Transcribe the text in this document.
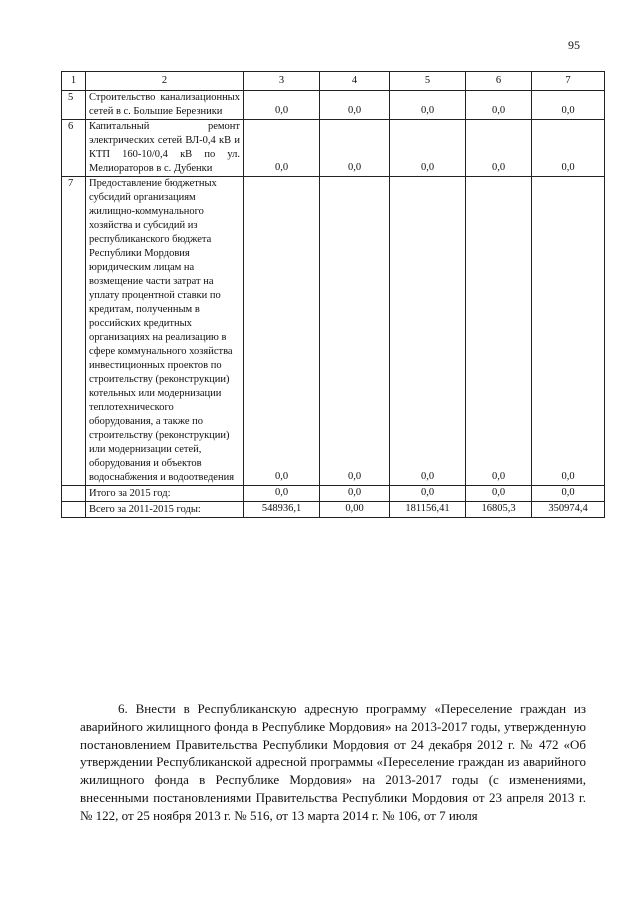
95
1	2	3	4	5	6	7
5	Строительство канализационных сетей в с. Большие Березники	0,0	0,0	0,0	0,0	0,0
6	Капитальный ремонт электрических сетей ВЛ-0,4 кВ и КТП 160-10/0,4 кВ по ул. Мелиораторов в с. Дубенки	0,0	0,0	0,0	0,0	0,0
7	Предоставление бюджетных субсидий организациям жилищно-коммунального хозяйства и субсидий из республиканского бюджета Республики Мордовия юридическим лицам на возмещение части затрат на уплату процентной ставки по кредитам, полученным в российских кредитных организациях на реализацию в сфере коммунального хозяйства инвестиционных проектов по строительству (реконструкции) котельных или модернизации теплотехнического оборудования, а также по строительству (реконструкции) или модернизации сетей, оборудования и объектов водоснабжения и водоотведения	0,0	0,0	0,0	0,0	0,0
	Итого за 2015 год:	0,0	0,0	0,0	0,0	0,0
	Всего за 2011-2015 годы:	548936,1	0,00	181156,41	16805,3	350974,4

6. Внести в Республиканскую адресную программу «Переселение граждан из аварийного жилищного фонда в Республике Мордовия» на 2013-2017 годы, утвержденную постановлением Правительства Республики Мордовия от 24 декабря 2012 г. № 472 «Об утверждении Республиканской адресной программы «Переселение граждан из аварийного жилищного фонда в Республике Мордовия» на 2013-2017 годы (с изменениями, внесенными постановлениями Правительства Республики Мордовия от 23 апреля 2013 г. № 122, от 25 ноября 2013 г. № 516, от 13 марта 2014 г. № 106, от 7 июля
